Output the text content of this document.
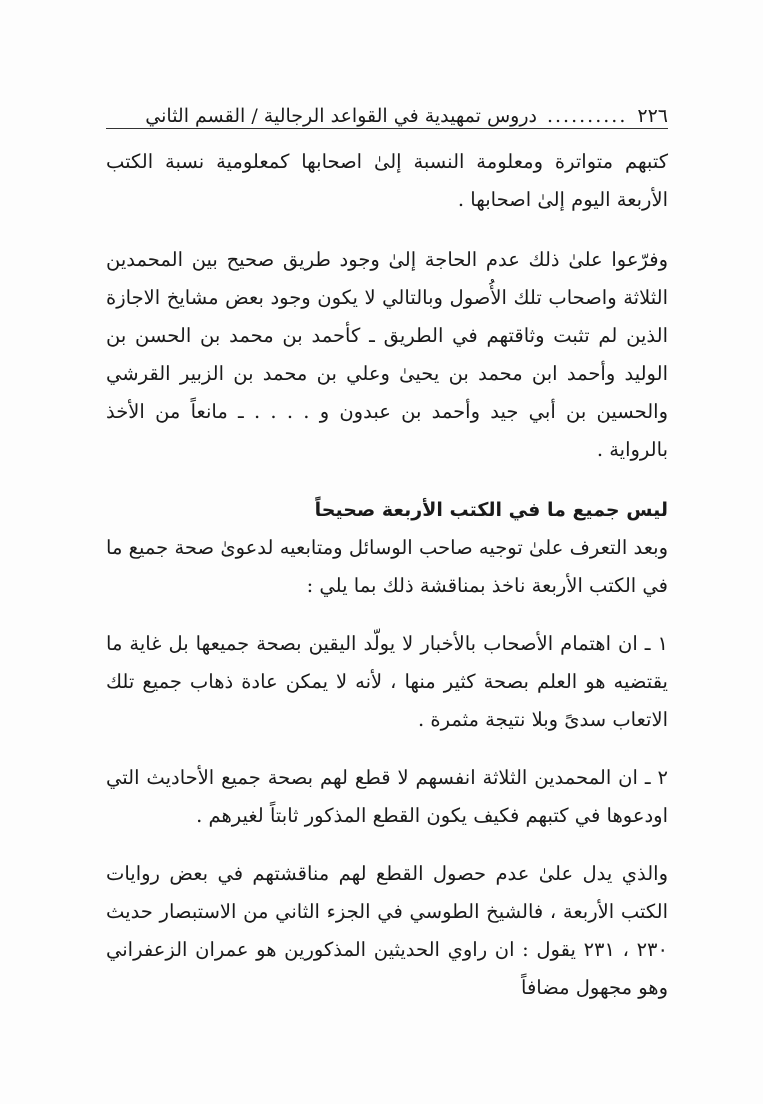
٢٢٦
..........
دروس تمهيدية في القواعد الرجالية / القسم الثاني

كتبهم متواترة ومعلومة النسبة إلىٰ اصحابها كمعلومية نسبة الكتب الأربعة اليوم إلىٰ اصحابها .

وفرّعوا علىٰ ذلك عدم الحاجة إلىٰ وجود طريق صحيح بين المحمدين الثلاثة واصحاب تلك الأُصول وبالتالي لا يكون وجود بعض مشايخ الاجازة الذين لم تثبت وثاقتهم في الطريق ـ كأحمد بن محمد بن الحسن بن الوليد وأحمد ابن محمد بن يحيىٰ وعلي بن محمد بن الزبير القرشي والحسين بن أبي جيد وأحمد بن عبدون و . . . . ـ مانعاً من الأخذ بالرواية .

ليس جميع ما في الكتب الأربعة صحيحاً

وبعد التعرف علىٰ توجيه صاحب الوسائل ومتابعيه لدعوىٰ صحة جميع ما في الكتب الأربعة ناخذ بمناقشة ذلك بما يلي :

١ ـ ان اهتمام الأصحاب بالأخبار لا يولّد اليقين بصحة جميعها بل غاية ما يقتضيه هو العلم بصحة كثير منها ، لأنه لا يمكن عادة ذهاب جميع تلك الاتعاب سدىً وبلا نتيجة مثمرة .

٢ ـ ان المحمدين الثلاثة انفسهم لا قطع لهم بصحة جميع الأحاديث التي اودعوها في كتبهم فكيف يكون القطع المذكور ثابتاً لغيرهم .

والذي يدل علىٰ عدم حصول القطع لهم مناقشتهم في بعض روايات الكتب الأربعة ، فالشيخ الطوسي في الجزء الثاني من الاستبصار حديث ٢٣٠ ، ٢٣١ يقول : ان راوي الحديثين المذكورين هو عمران الزعفراني وهو مجهول مضافاً
